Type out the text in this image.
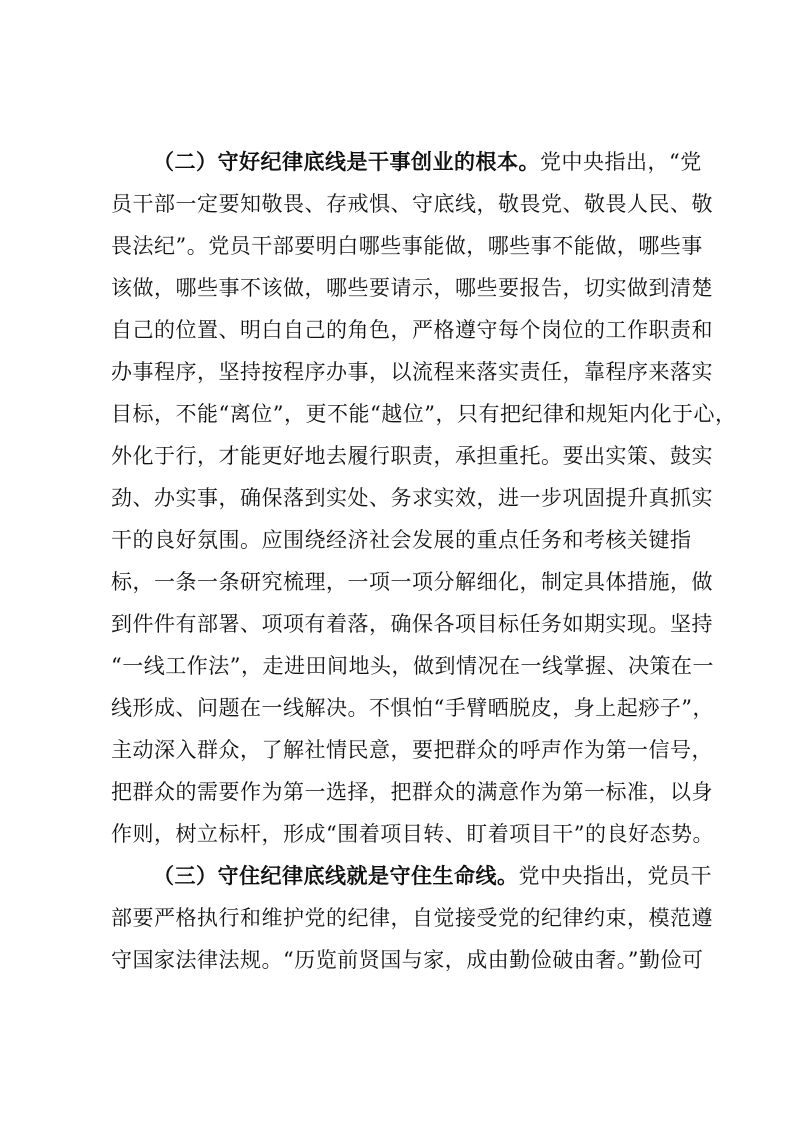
（二）守好纪律底线是干事创业的根本。党中央指出，“党
员干部一定要知敬畏、存戒惧、守底线，敬畏党、敬畏人民、敬
畏法纪”。党员干部要明白哪些事能做，哪些事不能做，哪些事
该做，哪些事不该做，哪些要请示，哪些要报告，切实做到清楚
自己的位置、明白自己的角色，严格遵守每个岗位的工作职责和
办事程序，坚持按程序办事，以流程来落实责任，靠程序来落实
目标，不能“离位”，更不能“越位”，只有把纪律和规矩内化于心，
外化于行，才能更好地去履行职责，承担重托。要出实策、鼓实
劲、办实事，确保落到实处、务求实效，进一步巩固提升真抓实
干的良好氛围。应围绕经济社会发展的重点任务和考核关键指
标，一条一条研究梳理，一项一项分解细化，制定具体措施，做
到件件有部署、项项有着落，确保各项目标任务如期实现。坚持
“一线工作法”，走进田间地头，做到情况在一线掌握、决策在一
线形成、问题在一线解决。不惧怕“手臂晒脱皮，身上起痧子”，
主动深入群众，了解社情民意，要把群众的呼声作为第一信号，
把群众的需要作为第一选择，把群众的满意作为第一标准，以身
作则，树立标杆，形成“围着项目转、盯着项目干”的良好态势。
（三）守住纪律底线就是守住生命线。党中央指出，党员干
部要严格执行和维护党的纪律，自觉接受党的纪律约束，模范遵
守国家法律法规。“历览前贤国与家，成由勤俭破由奢。”勤俭可
